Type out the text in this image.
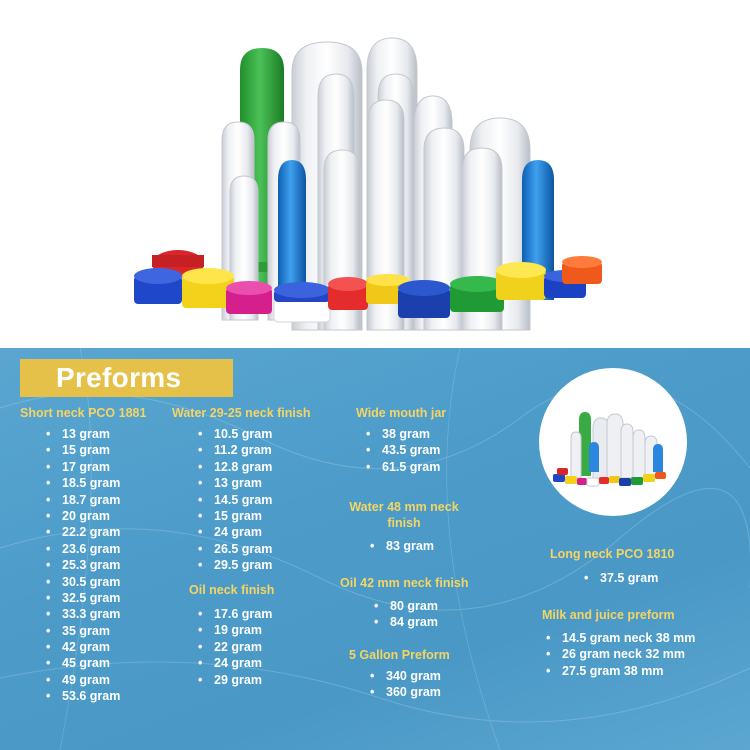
Preforms
Short neck PCO 1881
• 13 gram
• 15 gram
• 17 gram
• 18.5 gram
• 18.7 gram
• 20 gram
• 22.2 gram
• 23.6 gram
• 25.3 gram
• 30.5 gram
• 32.5 gram
• 33.3 gram
• 35 gram
• 42 gram
• 45 gram
• 49 gram
• 53.6 gram
Water 29-25 neck finish
• 10.5 gram
• 11.2 gram
• 12.8 gram
• 13 gram
• 14.5 gram
• 15 gram
• 24 gram
• 26.5 gram
• 29.5 gram
Oil neck finish
• 17.6 gram
• 19 gram
• 22 gram
• 24 gram
• 29 gram
Wide mouth jar
• 38 gram
• 43.5 gram
• 61.5 gram
Water 48 mm neck
finish
• 83 gram
Oil 42 mm neck finish
• 80 gram
• 84 gram
5 Gallon Preform
• 340 gram
• 360 gram
Long neck PCO 1810
• 37.5 gram
Milk and juice preform
• 14.5 gram neck 38 mm
• 26 gram neck 32 mm
• 27.5 gram 38 mm
